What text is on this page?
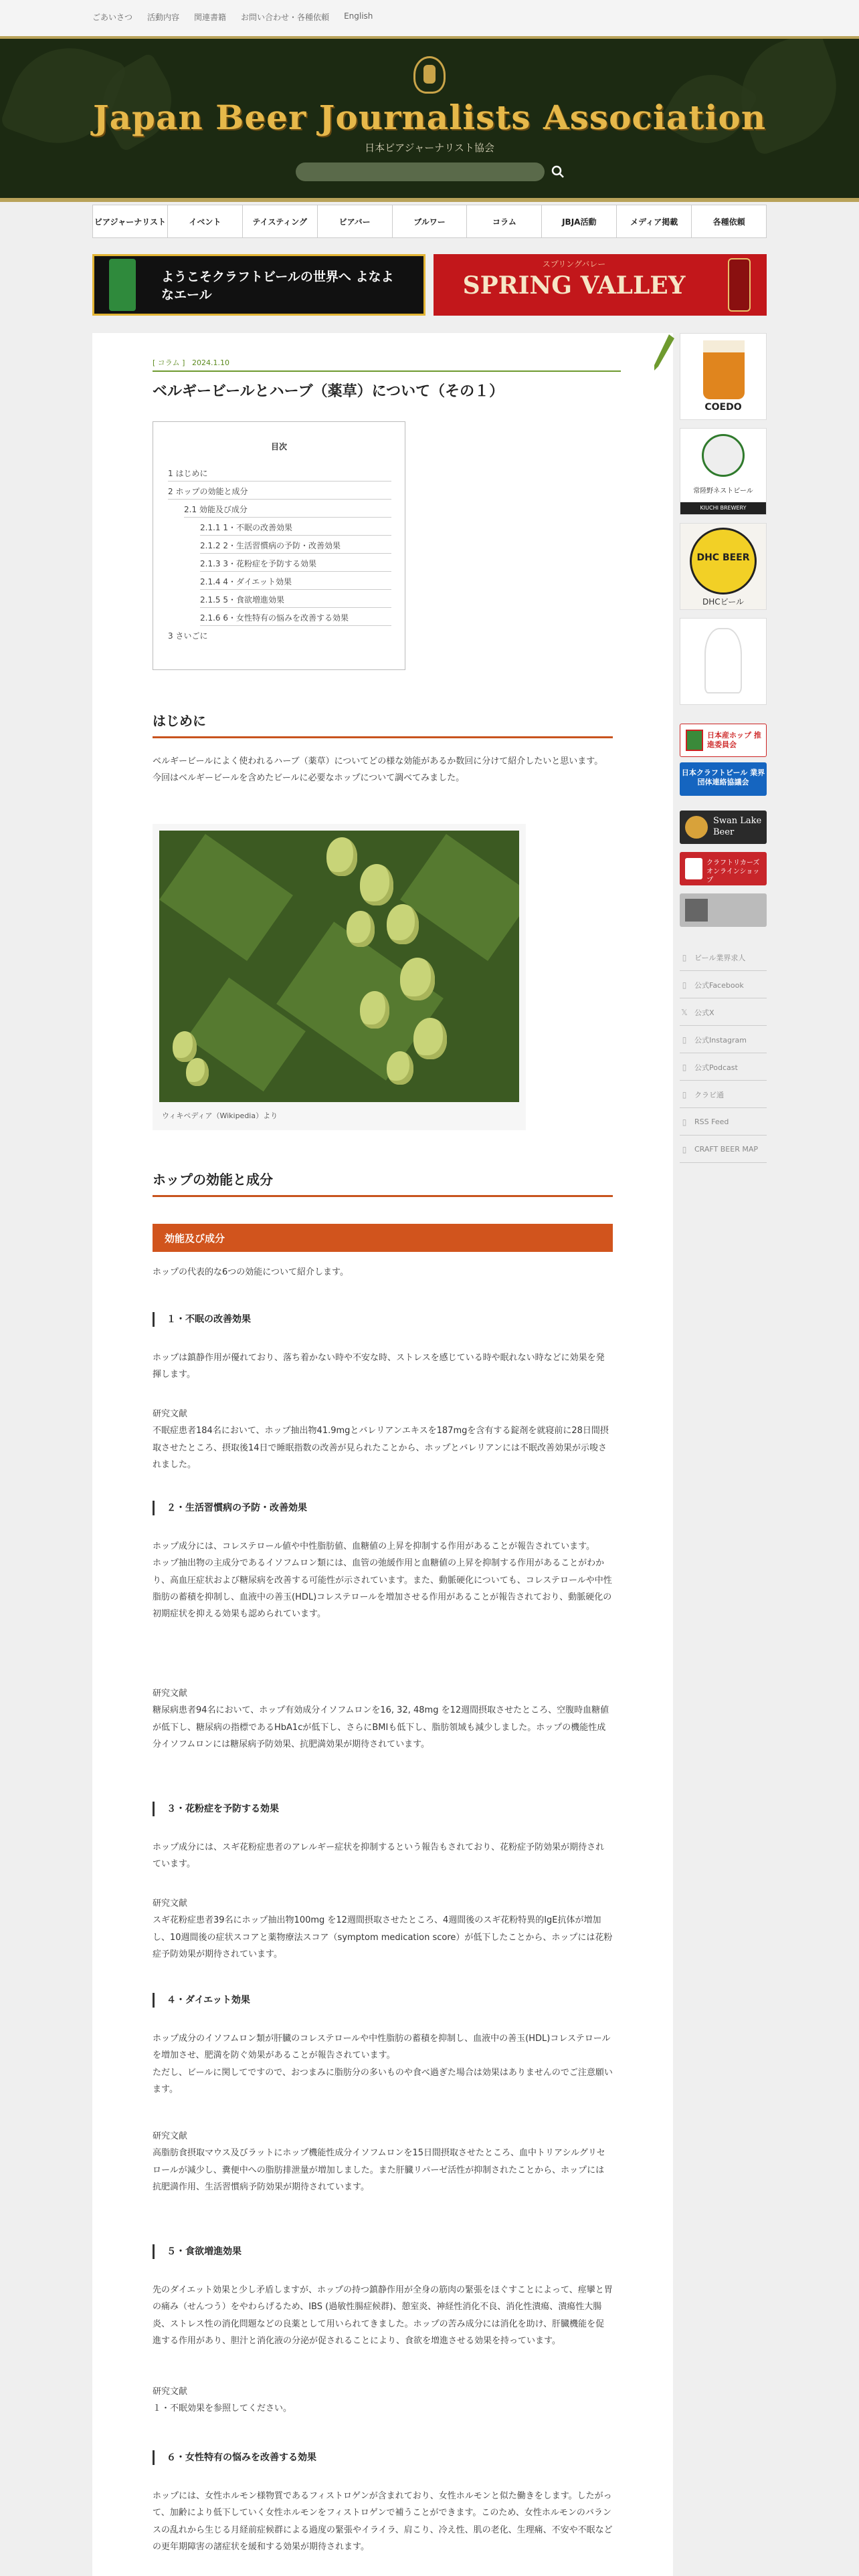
ごあいさつ 活動内容 関連書籍 お問い合わせ・各種依頼 English
Japan Beer Journalists Association
日本ビアジャーナリスト協会
ビアジャーナリスト	イベント	テイスティング	ビアバー	ブルワー	コラム	JBJA活動	メディア掲載	各種依頼
ようこそクラフトビールの世界へ よなよなエール
スプリングバレー
SPRING VALLEY
[ コラム ] 2024.1.10
ベルギービールとハーブ（薬草）について（その１）
目次
1 はじめに
2 ホップの効能と成分
2.1 効能及び成分
2.1.1 1・不眠の改善効果
2.1.2 2・生活習慣病の予防・改善効果
2.1.3 3・花粉症を予防する効果
2.1.4 4・ダイエット効果
2.1.5 5・食欲増進効果
2.1.6 6・女性特有の悩みを改善する効果
3 さいごに
はじめに

ベルギービールによく使われるハーブ（薬草）についてどの様な効能があるか数回に分けて紹介したいと思います。
今回はベルギービールを含めたビールに必要なホップについて調べてみました。

ウィキペディア（Wikipedia）より
ホップの効能と成分
効能及び成分

ホップの代表的な6つの効能について紹介します。

１・不眠の改善効果

ホップは鎮静作用が優れており、落ち着かない時や不安な時、ストレスを感じている時や眠れない時などに効果を発揮します。

研究文献
不眠症患者184名において、ホップ抽出物41.9mgとバレリアンエキスを187mgを含有する錠剤を就寝前に28日間摂取させたところ、摂取後14日で睡眠指数の改善が見られたことから、ホップとバレリアンには不眠改善効果が示唆されました。

２・生活習慣病の予防・改善効果

ホップ成分には、コレステロール値や中性脂肪値、血糖値の上昇を抑制する作用があることが報告されています。
ホップ抽出物の主成分であるイソフムロン類には、血管の弛緩作用と血糖値の上昇を抑制する作用があることがわかり、高血圧症状および糖尿病を改善する可能性が示されています。また、動脈硬化についても、コレステロールや中性脂肪の蓄積を抑制し、血液中の善玉(HDL)コレステロールを増加させる作用があることが報告されており、動脈硬化の初期症状を抑える効果も認められています。

研究文献
糖尿病患者94名において、ホップ有効成分イソフムロンを16, 32, 48mg を12週間摂取させたところ、空腹時血糖値が低下し、糖尿病の指標であるHbA1cが低下し、さらにBMIも低下し、脂肪領域も減少しました。ホップの機能性成分イソフムロンには糖尿病予防効果、抗肥満効果が期待されています。

３・花粉症を予防する効果

ホップ成分には、スギ花粉症患者のアレルギー症状を抑制するという報告もされており、花粉症予防効果が期待されています。

研究文献
スギ花粉症患者39名にホップ抽出物100mg を12週間摂取させたところ、4週間後のスギ花粉特異的IgE抗体が増加し、10週間後の症状スコアと薬物療法スコア（symptom medication score）が低下したことから、ホップには花粉症予防効果が期待されています。

４・ダイエット効果

ホップ成分のイソフムロン類が肝臓のコレステロールや中性脂肪の蓄積を抑制し、血液中の善玉(HDL)コレステロールを増加させ、肥満を防ぐ効果があることが報告されています。
ただし、ビールに関してですので、おつまみに脂肪分の多いものや食べ過ぎた場合は効果はありませんのでご注意願います。

研究文献
高脂肪食摂取マウス及びラットにホップ機能性成分イソフムロンを15日間摂取させたところ、血中トリアシルグリセロールが減少し、糞便中への脂肪排泄量が増加しました。また肝臓リパーゼ活性が抑制されたことから、ホップには抗肥満作用、生活習慣病予防効果が期待されています。

５・食欲増進効果

先のダイエット効果と少し矛盾しますが、ホップの持つ鎮静作用が全身の筋肉の緊張をほぐすことによって、痙攣と胃の痛み（せんつう）をやわらげるため、IBS (過敏性腸症候群)、憩室炎、神経性消化不良、消化性潰瘍、潰瘍性大腸炎、ストレス性の消化問題などの良薬として用いられてきました。ホップの苦み成分には消化を助け、肝臓機能を促進する作用があり、胆汁と消化液の分泌が促されることにより、食欲を増進させる効果を持っています。

研究文献
１・不眠効果を参照してください。

６・女性特有の悩みを改善する効果

ホップには、女性ホルモン様物質であるフィストロゲンが含まれており、女性ホルモンと似た働きをします。したがって、加齢により低下していく女性ホルモンをフィストロゲンで補うことができます。このため、女性ホルモンのバランスの乱れから生じる月経前症候群による過度の緊張やイライラ、肩こり、冷え性、肌の老化、生理痛、不安や不眠などの更年期障害の諸症状を緩和する効果が期待されます。

COEDO
常陸野ネストビール
KIUCHI BREWERY
DHC BEER
DHCビール
日本産ホップ 推進委員会
日本クラフトビール 業界団体連絡協議会
Swan Lake Beer
クラフトリカーズ オンラインショップ
▯	ビール業界求人
▯	公式Facebook
𝕏 公式X
▯	公式Instagram
▯	公式Podcast
▯	クラビ通
▯	RSS Feed
▯	CRAFT BEER MAP
